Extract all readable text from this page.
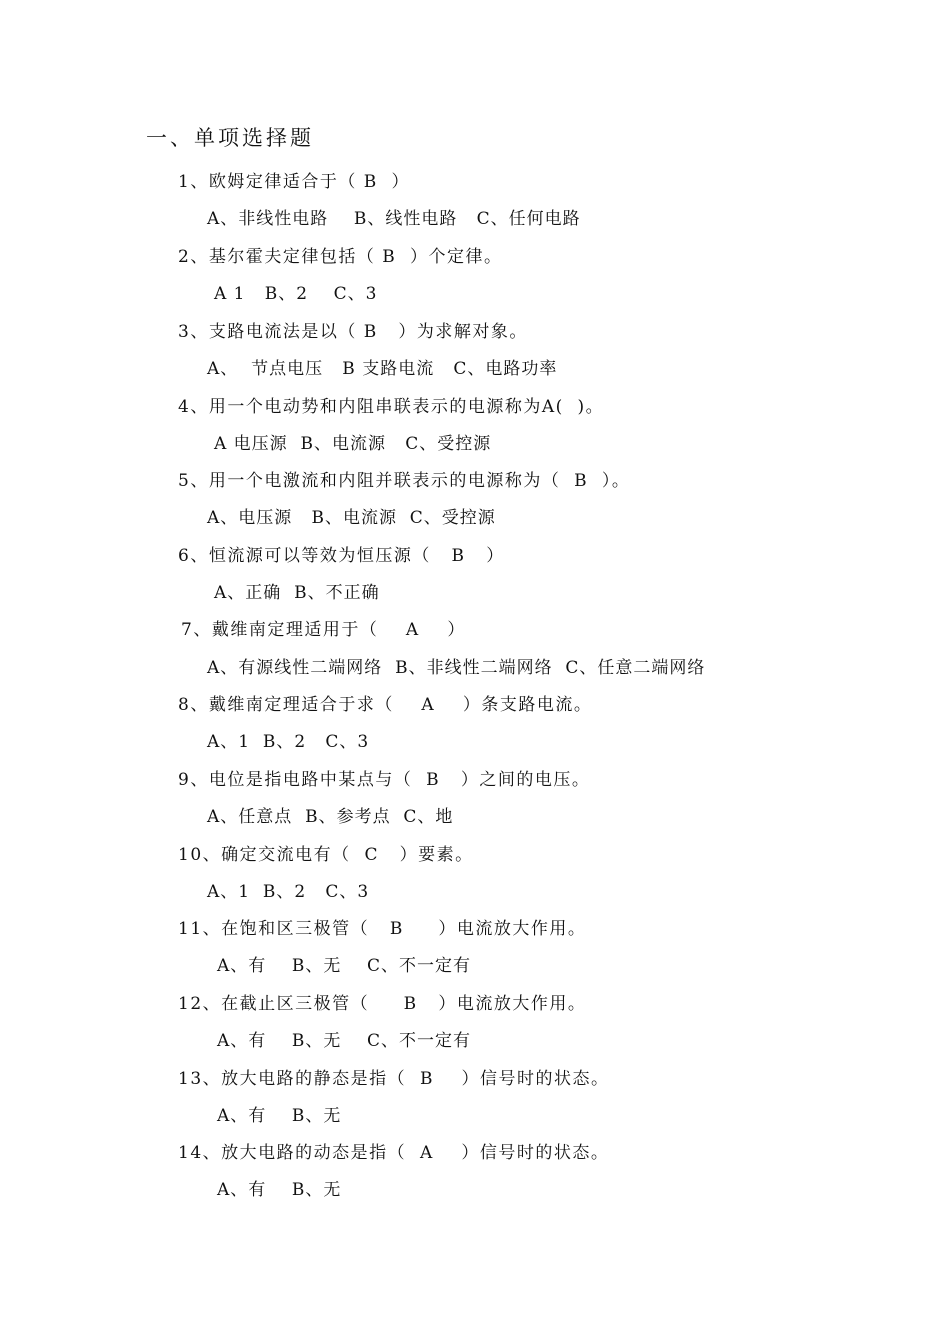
一、单项选择题
1、欧姆定律适合于（ B  ）
A、非线性电路    B、线性电路   C、任何电路
2、基尔霍夫定律包括（ B  ）个定律。
A 1   B、2    C、3
3、支路电流法是以（ B   ）为求解对象。
A、  节点电压   B 支路电流   C、电路功率
4、用一个电动势和内阻串联表示的电源称为A(  )。
A 电压源  B、电流源   C、受控源
5、用一个电激流和内阻并联表示的电源称为（  B  ）。
A、电压源   B、电流源  C、受控源
6、恒流源可以等效为恒压源（   B   ）
A、正确  B、不正确
7、戴维南定理适用于（    A    ）
A、有源线性二端网络  B、非线性二端网络  C、任意二端网络
8、戴维南定理适合于求（    A    ）条支路电流。
A、1  B、2   C、3
9、电位是指电路中某点与（  B   ）之间的电压。
A、任意点  B、参考点  C、地
10、确定交流电有（  C   ）要素。
A、1  B、2   C、3
11、在饱和区三极管（   B     ）电流放大作用。
A、有    B、无    C、不一定有
12、在截止区三极管（     B   ）电流放大作用。
A、有    B、无    C、不一定有
13、放大电路的静态是指（  B    ）信号时的状态。
A、有    B、无
14、放大电路的动态是指（  A    ）信号时的状态。
A、有    B、无
